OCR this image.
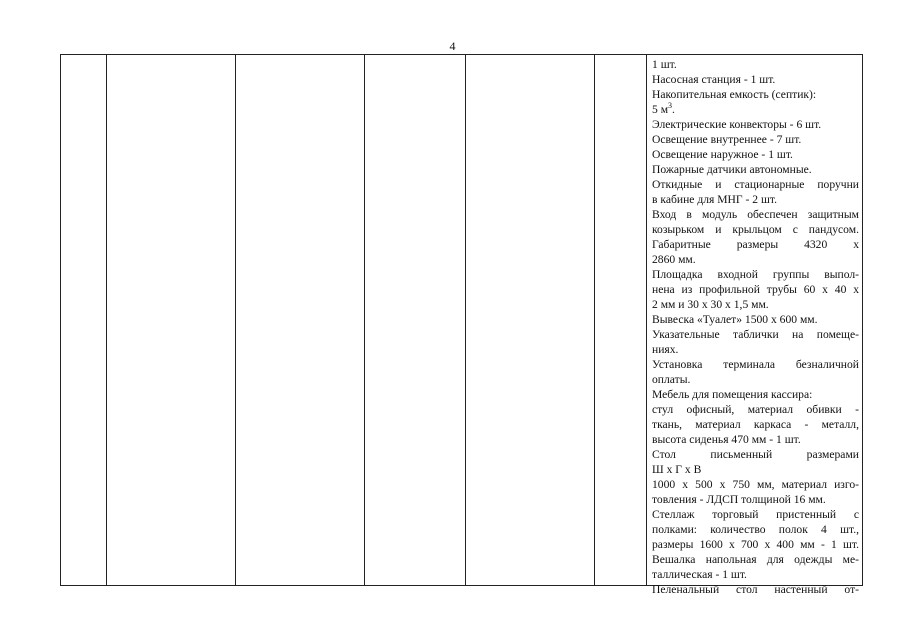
4
1 шт.
Насосная станция - 1 шт.
Накопительная емкость (септик):
5 $м^3$.
Электрические конвекторы - 6 шт.
Освещение внутреннее - 7 шт.
Освещение наружное - 1 шт.
Пожарные датчики автономные.
Откидные и стационарные поручни
в кабине для МНГ - 2 шт.
Вход в модуль обеспечен защитным
козырьком и крыльцом с пандусом.
Габаритные размеры 4320 х
2860 мм.
Площадка входной группы выпол-
нена из профильной трубы 60 х 40 х
2 мм и 30 х 30 х 1,5 мм.
Вывеска «Туалет» 1500 х 600 мм.
Указательные таблички на помеще-
ниях.
Установка терминала безналичной
оплаты.
Мебель для помещения кассира:
стул офисный, материал обивки -
ткань, материал каркаса - металл,
высота сиденья 470 мм - 1 шт.
Стол письменный размерами
Ш х Г х В
1000 х 500 х 750 мм, материал изго-
товления - ЛДСП толщиной 16 мм.
Стеллаж торговый пристенный с
полками: количество полок 4 шт.,
размеры 1600 х 700 х 400 мм - 1 шт.
Вешалка напольная для одежды ме-
таллическая - 1 шт.
Пеленальный стол настенный от-
